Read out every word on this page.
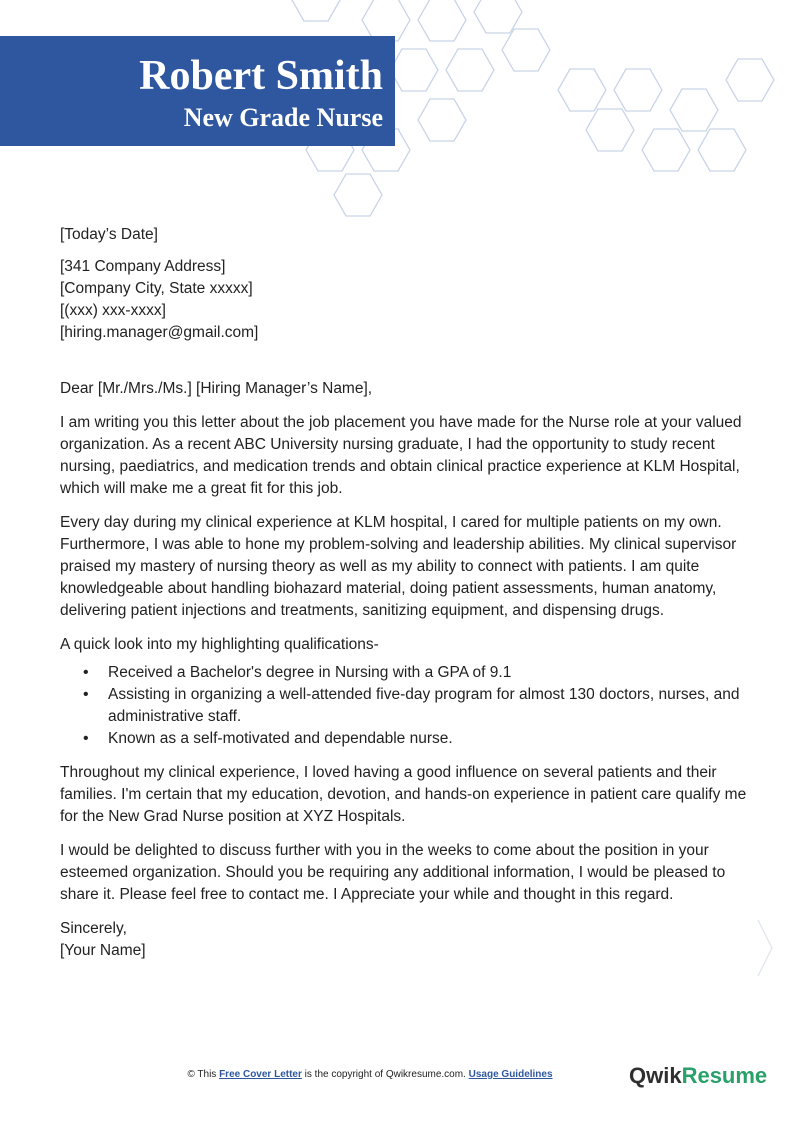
Robert Smith
New Grade Nurse

[Today’s Date]

[341 Company Address]

[Company City, State xxxxx]

[(xxx) xxx-xxxx]

[hiring.manager@gmail.com]

Dear [Mr./Mrs./Ms.] [Hiring Manager’s Name],

I am writing you this letter about the job placement you have made for the Nurse role at your valued organization. As a recent ABC University nursing graduate, I had the opportunity to study recent nursing, paediatrics, and medication trends and obtain clinical practice experience at KLM Hospital, which will make me a great fit for this job.

Every day during my clinical experience at KLM hospital, I cared for multiple patients on my own. Furthermore, I was able to hone my problem-solving and leadership abilities. My clinical supervisor praised my mastery of nursing theory as well as my ability to connect with patients. I am quite knowledgeable about handling biohazard material, doing patient assessments, human anatomy, delivering patient injections and treatments, sanitizing equipment, and dispensing drugs.

A quick look into my highlighting qualifications-

• Received a Bachelor's degree in Nursing with a GPA of 9.1
• Assisting in organizing a well-attended five-day program for almost 130 doctors, nurses, and administrative staff.
• Known as a self-motivated and dependable nurse.

Throughout my clinical experience, I loved having a good influence on several patients and their families. I'm certain that my education, devotion, and hands-on experience in patient care qualify me for the New Grad Nurse position at XYZ Hospitals.

I would be delighted to discuss further with you in the weeks to come about the position in your esteemed organization. Should you be requiring any additional information, I would be pleased to share it. Please feel free to contact me. I Appreciate your while and thought in this regard.

Sincerely,

[Your Name]

© This Free Cover Letter is the copyright of Qwikresume.com. Usage Guidelines	QwikResume
